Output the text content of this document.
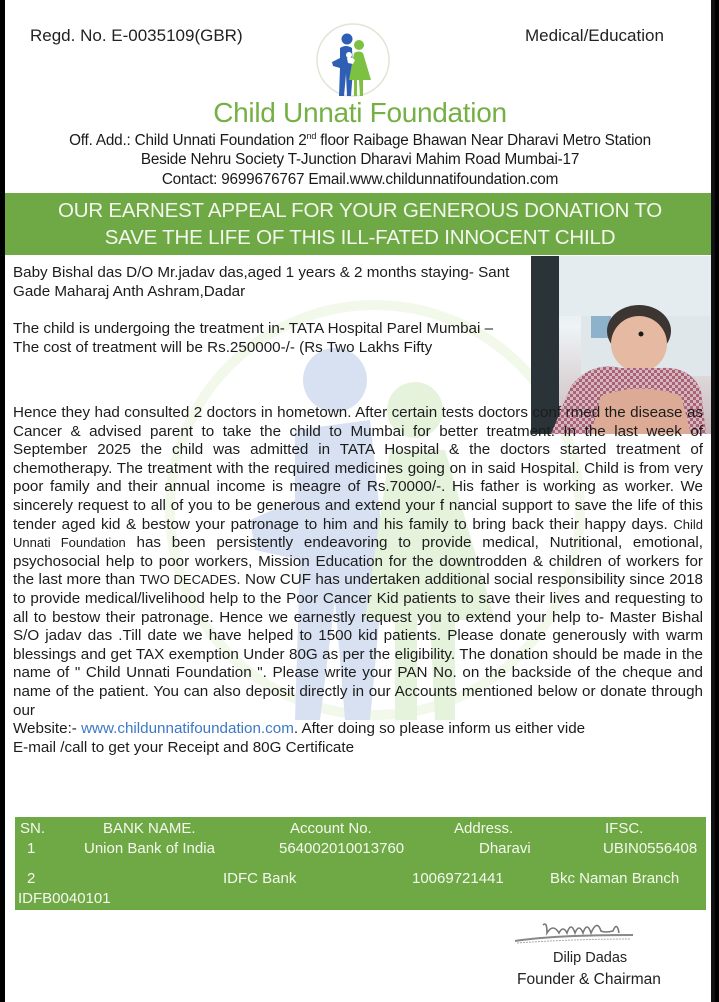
Regd. No. E-0035109(GBR)	Medical/Education
Child Unnati Foundation
Off. Add.: Child Unnati Foundation 2nd floor Raibage Bhawan Near Dharavi Metro Station
Beside Nehru Society T-Junction Dharavi Mahim Road Mumbai-17
Contact: 9699676767 Email.www.childunnatifoundation.com
OUR EARNEST APPEAL FOR YOUR GENEROUS DONATION TO
SAVE THE LIFE OF THIS ILL-FATED INNOCENT CHILD
Baby Bishal das D/O Mr.jadav das,aged 1 years & 2 months staying- Sant Gade Maharaj Anth Ashram,Dadar
The child is undergoing the treatment in- TATA Hospital Parel Mumbai –
The cost of treatment will be Rs.250000-/- (Rs Two Lakhs Fifty
Hence they had consulted 2 doctors in hometown. After certain tests doctors conf rmed the disease as Cancer & advised parent to take the child to Mumbai for better treatment. In the last week of September 2025 the child was admitted in TATA Hospital & the doctors started treatment of chemotherapy. The treatment with the required medicines going on in said Hospital. Child is from very poor family and their annual income is meagre of Rs.70000/-. His father is working as worker. We sincerely request to all of you to be generous and extend your f nancial support to save the life of this tender aged kid & bestow your patronage to him and his family to bring back their happy days. Child Unnati Foundation has been persistently endeavoring to provide medical, Nutritional, emotional, psychosocial help to poor workers, Mission Education for the downtrodden & children of workers for the last more than TWO DECADES. Now CUF has undertaken additional social responsibility since 2018 to provide medical/livelihood help to the Poor Cancer Kid patients to save their lives and requesting to all to bestow their patronage. Hence we earnestly request you to extend your help to- Master Bishal S/O jadav das .Till date we have helped to 1500 kid patients. Please donate generously with warm blessings and get TAX exemption Under 80G as per the eligibility. The donation should be made in the name of " Child Unnati Foundation ". Please write your PAN No. on the backside of the cheque and name of the patient. You can also deposit directly in our Accounts mentioned below or donate through our
Website:- www.childunnatifoundation.com. After doing so please inform us either vide
E-mail /call to get your Receipt and 80G Certificate
SN.	BANK NAME.	Account No.	Address.	IFSC.
1	Union Bank of India	564002010013760	Dharavi	UBIN0556408
2	IDFC Bank	10069721441	Bkc Naman Branch
IDFB0040101
Dilip Dadas
Founder & Chairman
